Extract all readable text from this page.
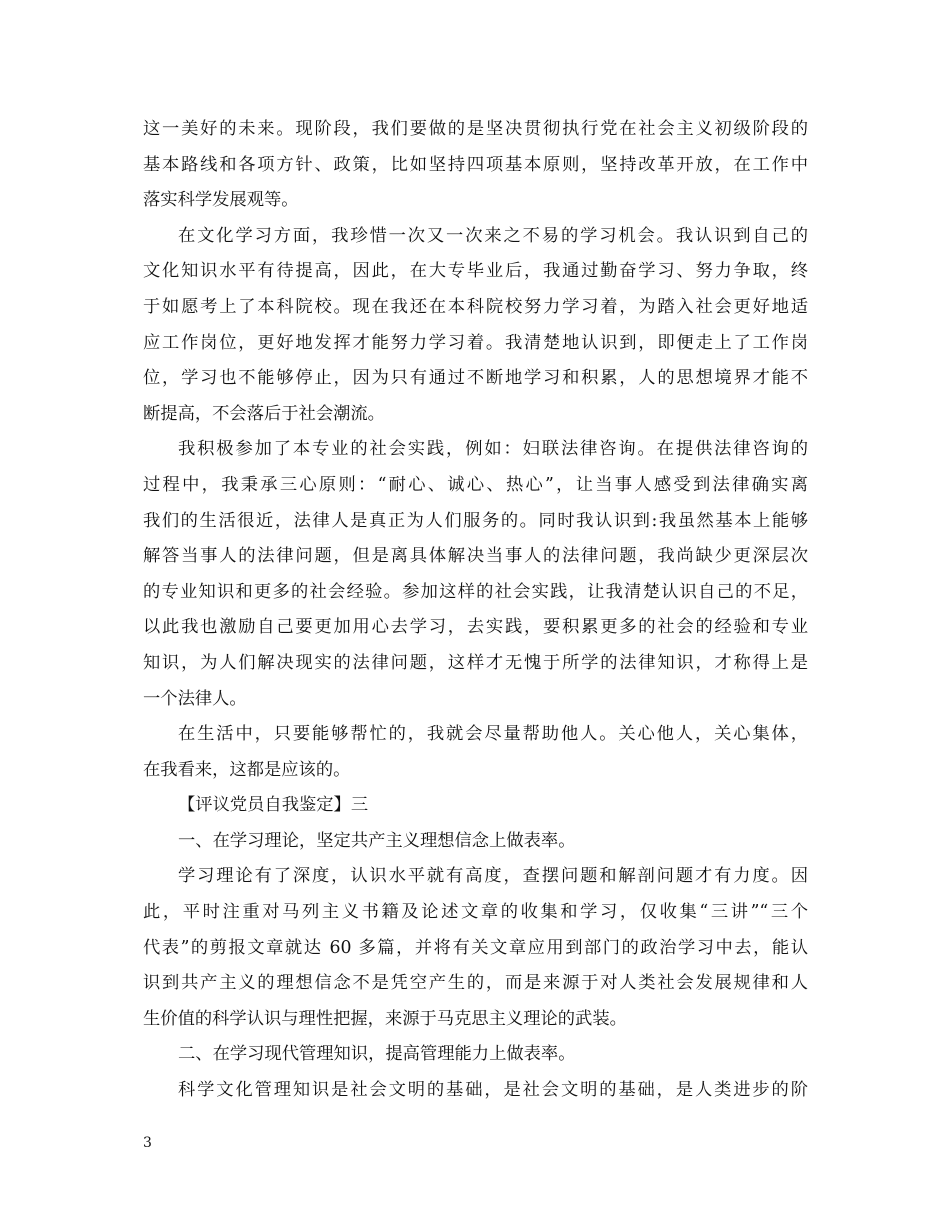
这一美好的未来。现阶段，我们要做的是坚决贯彻执行党在社会主义初级阶段的
基本路线和各项方针、政策，比如坚持四项基本原则，坚持改革开放，在工作中
落实科学发展观等。
在文化学习方面，我珍惜一次又一次来之不易的学习机会。我认识到自己的
文化知识水平有待提高，因此，在大专毕业后，我通过勤奋学习、努力争取，终
于如愿考上了本科院校。现在我还在本科院校努力学习着，为踏入社会更好地适
应工作岗位，更好地发挥才能努力学习着。我清楚地认识到，即便走上了工作岗
位，学习也不能够停止，因为只有通过不断地学习和积累，人的思想境界才能不
断提高，不会落后于社会潮流。
我积极参加了本专业的社会实践，例如：妇联法律咨询。在提供法律咨询的
过程中，我秉承三心原则：“耐心、诚心、热心”，让当事人感受到法律确实离
我们的生活很近，法律人是真正为人们服务的。同时我认识到:我虽然基本上能够
解答当事人的法律问题，但是离具体解决当事人的法律问题，我尚缺少更深层次
的专业知识和更多的社会经验。参加这样的社会实践，让我清楚认识自己的不足，
以此我也激励自己要更加用心去学习，去实践，要积累更多的社会的经验和专业
知识，为人们解决现实的法律问题，这样才无愧于所学的法律知识，才称得上是
一个法律人。
在生活中，只要能够帮忙的，我就会尽量帮助他人。关心他人，关心集体，
在我看来，这都是应该的。
【评议党员自我鉴定】三
一、在学习理论，坚定共产主义理想信念上做表率。
学习理论有了深度，认识水平就有高度，查摆问题和解剖问题才有力度。因
此，平时注重对马列主义书籍及论述文章的收集和学习，仅收集“三讲”“三个
代表”的剪报文章就达 60 多篇，并将有关文章应用到部门的政治学习中去，能认
识到共产主义的理想信念不是凭空产生的，而是来源于对人类社会发展规律和人
生价值的科学认识与理性把握，来源于马克思主义理论的武装。
二、在学习现代管理知识，提高管理能力上做表率。
科学文化管理知识是社会文明的基础，是社会文明的基础，是人类进步的阶
3
